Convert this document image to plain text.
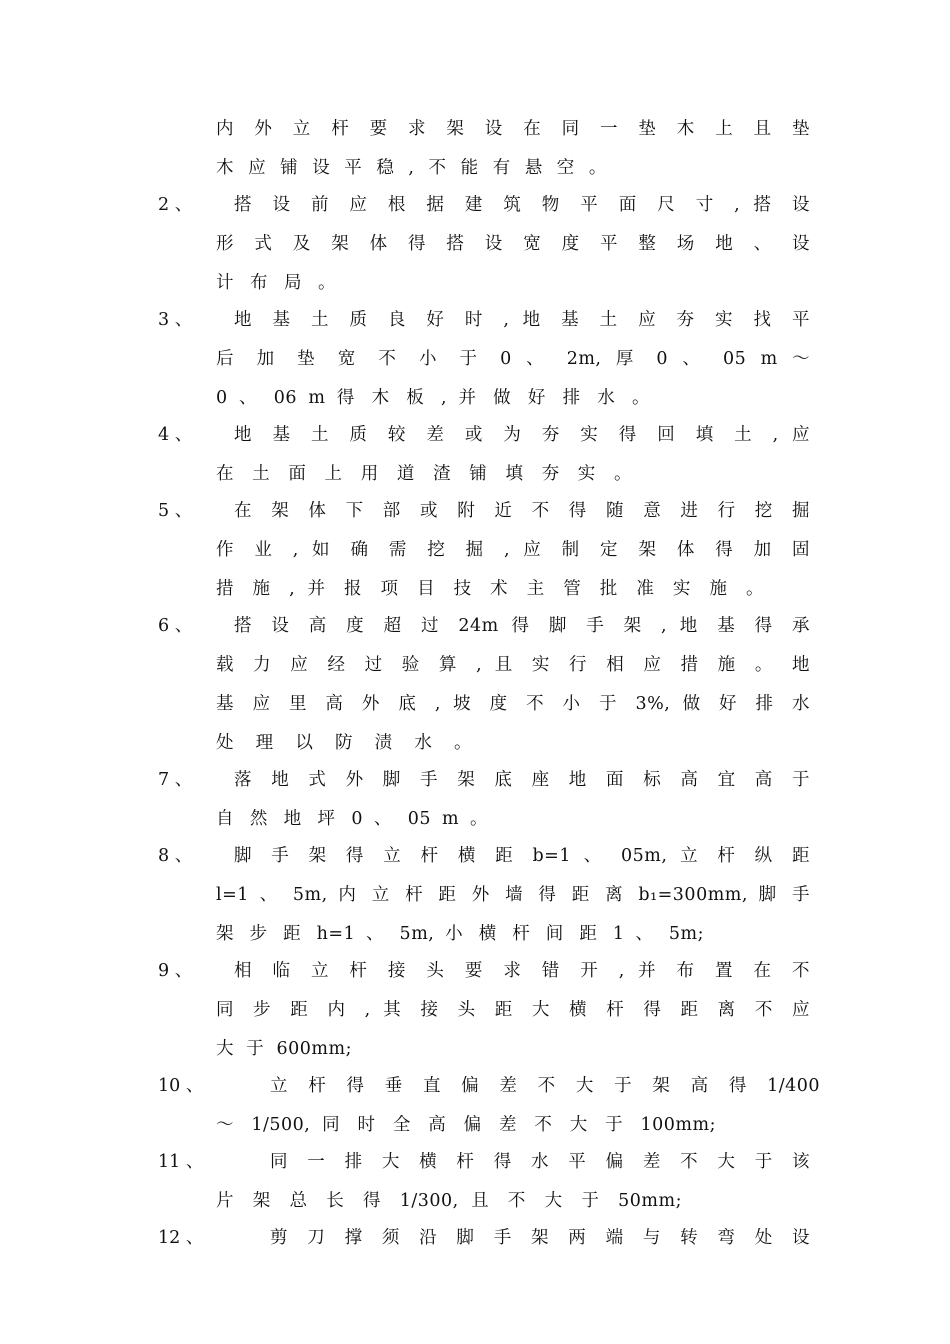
内 外 立 杆 要 求 架 设 在 同 一 垫 木 上 且 垫
木 应 铺 设 平 稳 , 不 能 有 悬 空 。
2 、 搭 设 前 应 根 据 建 筑 物 平 面 尺 寸 , 搭 设
形 式 及 架 体 得 搭 设 宽 度 平 整 场 地 、 设
计 布 局 。
3 、 地 基 土 质 良 好 时 , 地 基 土 应 夯 实 找 平
后 加 垫 宽 不 小 于 0 、 2m, 厚 0 、 05 m ～
0 、 06 m 得 木 板 , 并 做 好 排 水 。
4 、 地 基 土 质 较 差 或 为 夯 实 得 回 填 土 , 应
在 土 面 上 用 道 渣 铺 填 夯 实 。
5 、 在 架 体 下 部 或 附 近 不 得 随 意 进 行 挖 掘
作 业 , 如 确 需 挖 掘 , 应 制 定 架 体 得 加 固
措 施 , 并 报 项 目 技 术 主 管 批 准 实 施 。
6 、 搭 设 高 度 超 过 24m 得 脚 手 架 , 地 基 得 承
载 力 应 经 过 验 算 , 且 实 行 相 应 措 施 。 地
基 应 里 高 外 底 , 坡 度 不 小 于 3%, 做 好 排 水
处 理 以 防 渍 水 。
7 、 落 地 式 外 脚 手 架 底 座 地 面 标 高 宜 高 于
自 然 地 坪 0 、 05 m 。
8 、 脚 手 架 得 立 杆 横 距 b=1 、 05m, 立 杆 纵 距
l=1 、 5m, 内 立 杆 距 外 墙 得 距 离 b₁=300mm, 脚 手
架 步 距 h=1 、 5m, 小 横 杆 间 距 1 、 5m;
9 、 相 临 立 杆 接 头 要 求 错 开 , 并 布 置 在 不
同 步 距 内 , 其 接 头 距 大 横 杆 得 距 离 不 应
大 于 600mm;
10 、	立 杆 得 垂 直 偏 差 不 大 于 架 高 得 1/400
～ 1/500, 同 时 全 高 偏 差 不 大 于 100mm;
11 、	同 一 排 大 横 杆 得 水 平 偏 差 不 大 于 该
片 架 总 长 得 1/300, 且 不 大 于 50mm;
12 、	剪 刀 撑 须 沿 脚 手 架 两 端 与 转 弯 处 设
